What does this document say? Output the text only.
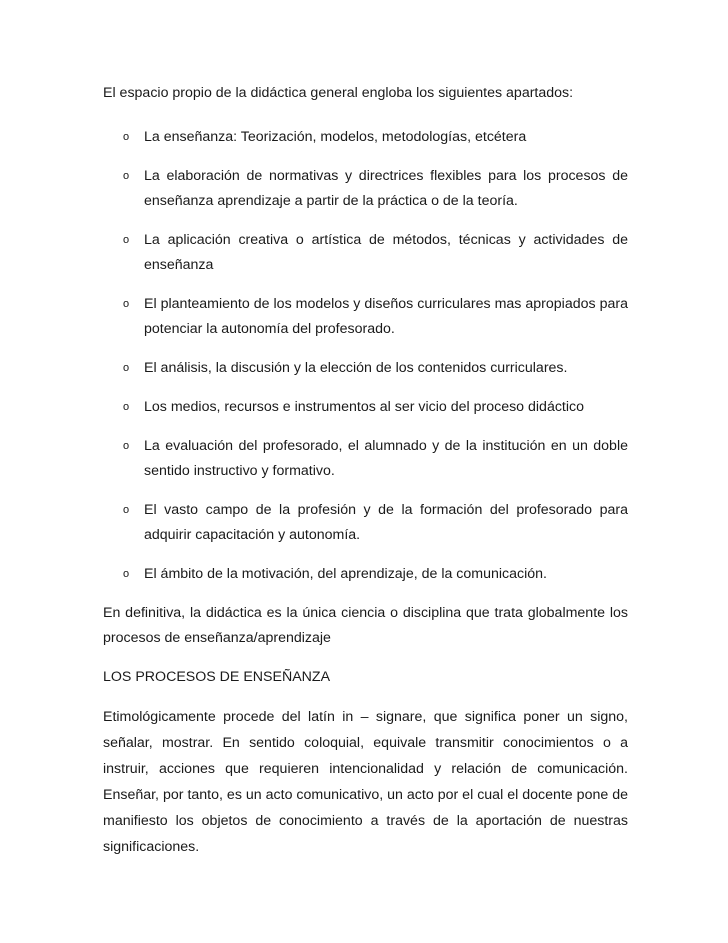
El espacio propio de la didáctica general engloba los siguientes apartados:

o La enseñanza: Teorización, modelos, metodologías, etcétera
o La elaboración de normativas y directrices flexibles para los procesos de enseñanza aprendizaje a partir de la práctica o de la teoría.
o La aplicación creativa o artística de métodos, técnicas y actividades de enseñanza
o El planteamiento de los modelos y diseños curriculares mas apropiados para potenciar la autonomía del profesorado.
o El análisis, la discusión y la elección de los contenidos curriculares.
o Los medios, recursos e instrumentos al ser vicio del proceso didáctico
o La evaluación del profesorado, el alumnado y de la institución en un doble sentido instructivo y formativo.
o El vasto campo de la profesión y de la formación del profesorado para adquirir capacitación y autonomía.
o El ámbito de la motivación, del aprendizaje, de la comunicación.

En definitiva, la didáctica es la única ciencia o disciplina que trata globalmente los procesos de enseñanza/aprendizaje

LOS PROCESOS DE ENSEÑANZA

Etimológicamente procede del latín in – signare, que significa poner un signo, señalar, mostrar. En sentido coloquial, equivale transmitir conocimientos o a instruir, acciones que requieren intencionalidad y relación de comunicación. Enseñar, por tanto, es un acto comunicativo, un acto por el cual el docente pone de manifiesto los objetos de conocimiento a través de la aportación de nuestras significaciones.
